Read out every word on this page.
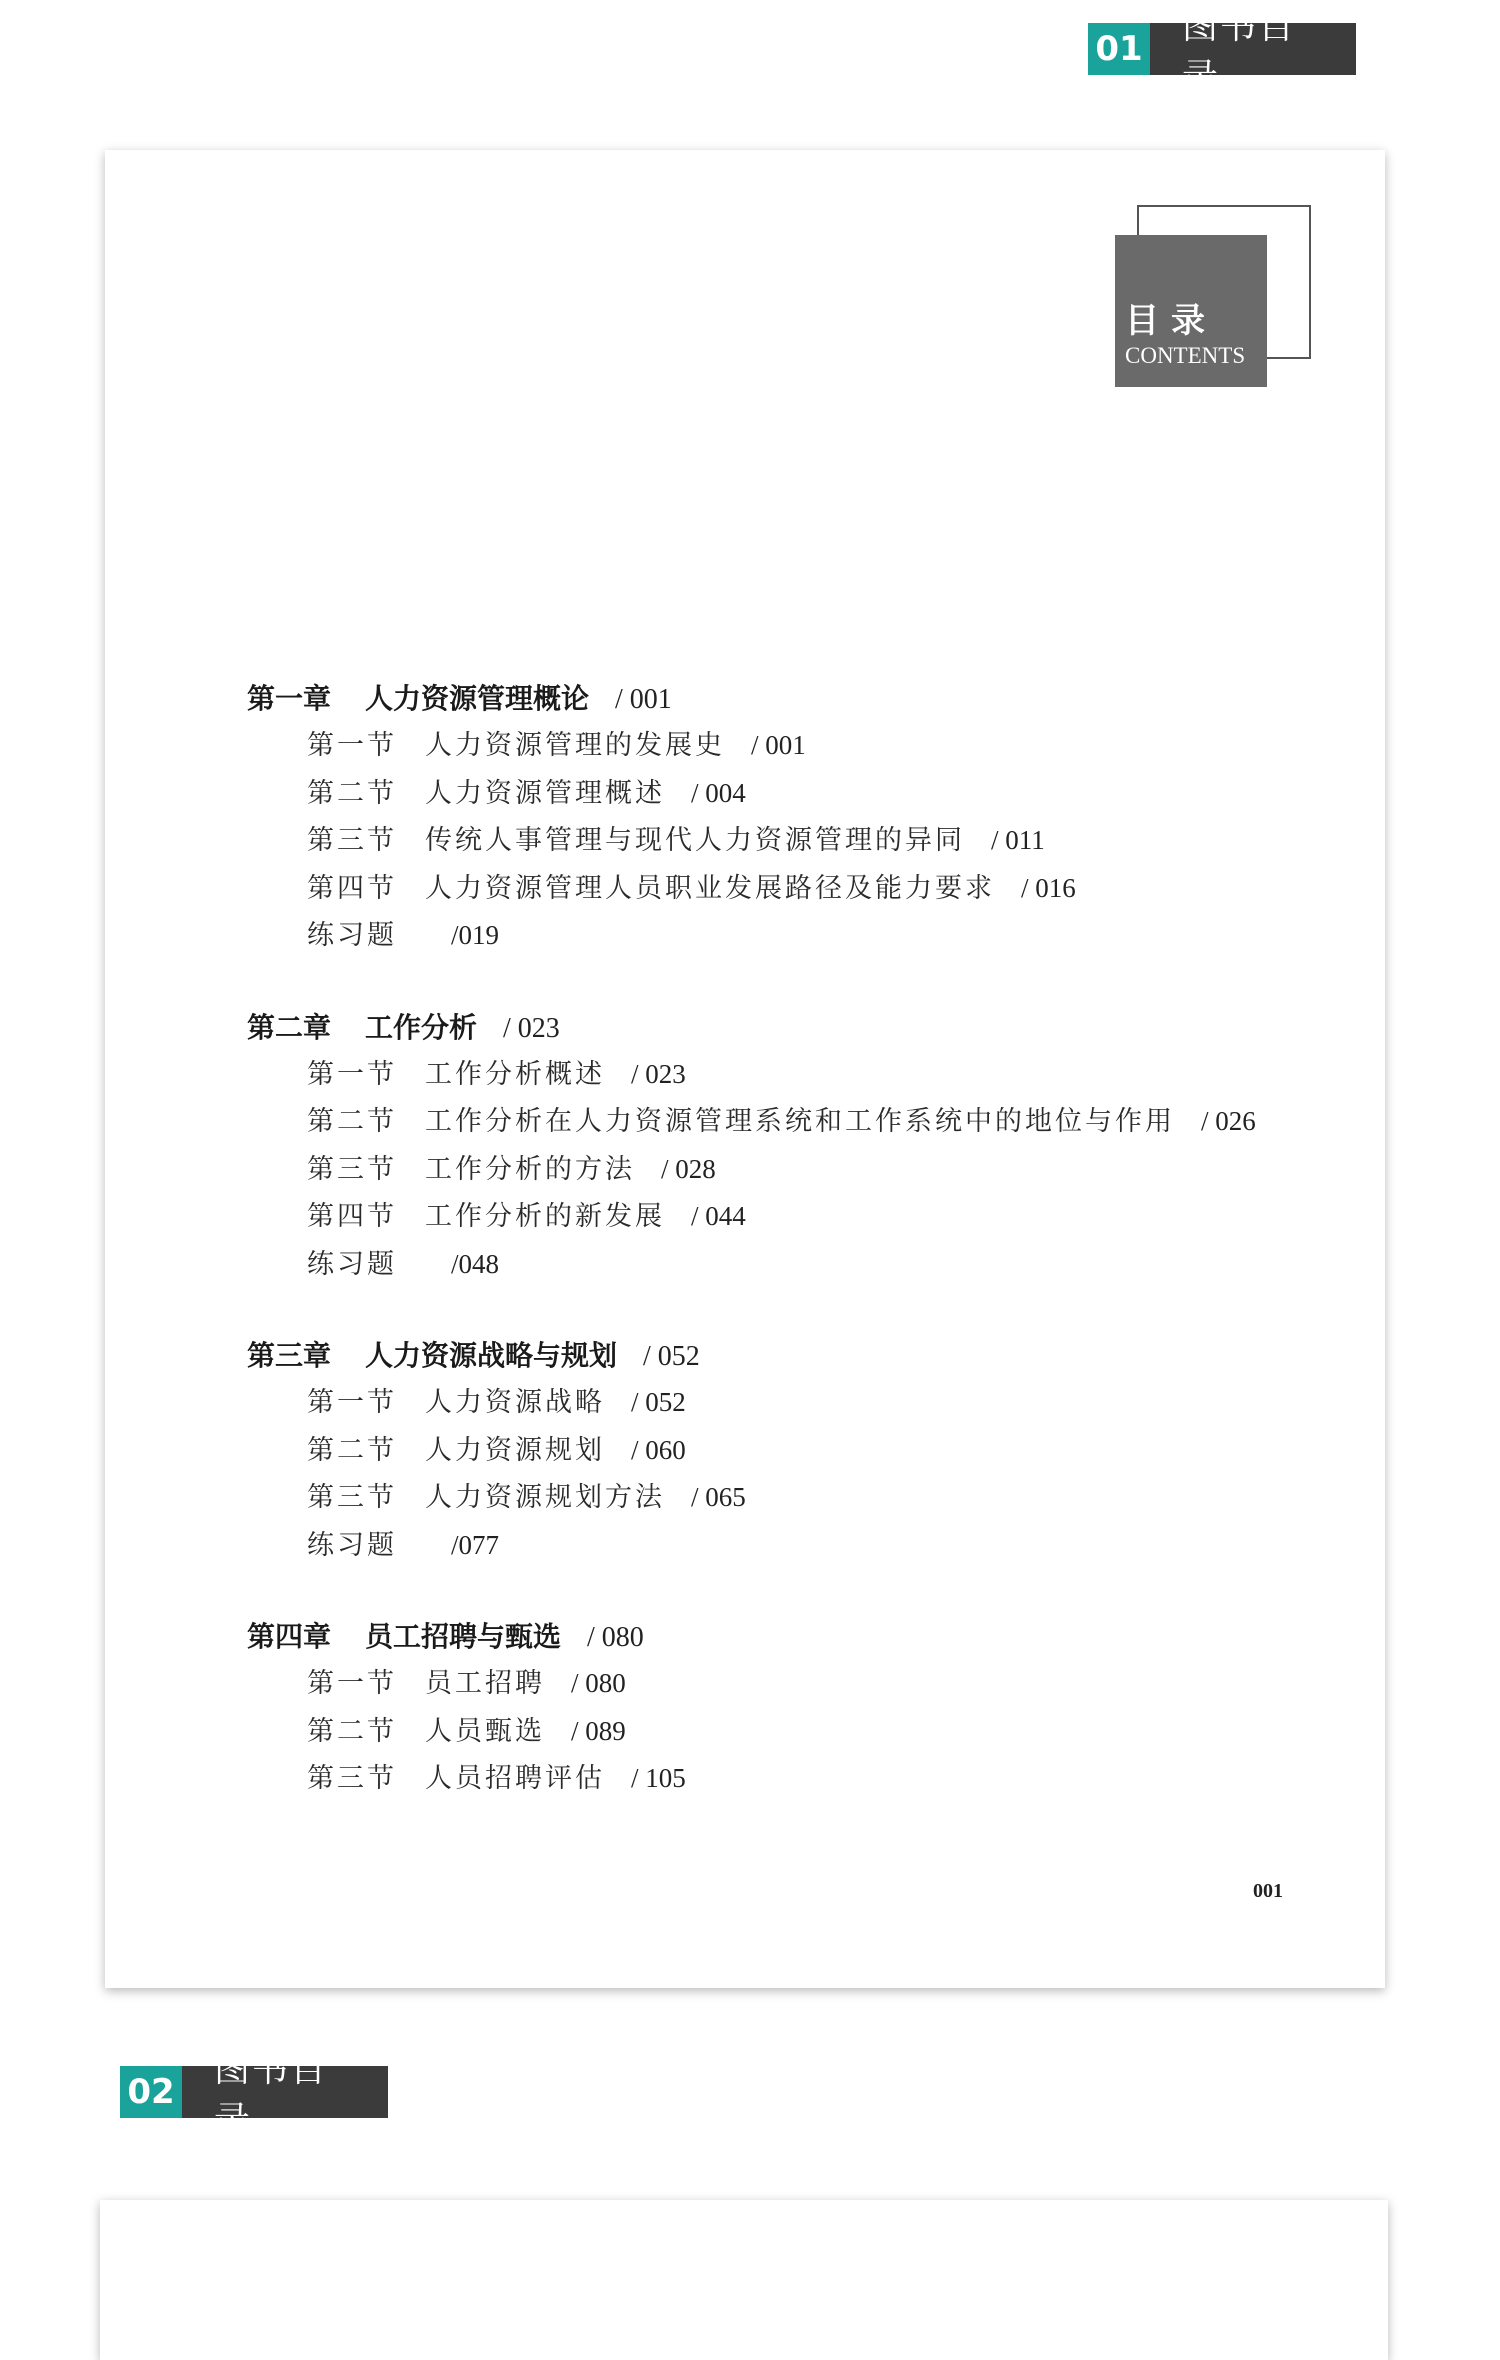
01
图书目录
目录
CONTENTS
第一章 人力资源管理概论 / 001
第一节 人力资源管理的发展史 / 001
第二节 人力资源管理概述 / 004
第三节 传统人事管理与现代人力资源管理的异同 / 011
第四节 人力资源管理人员职业发展路径及能力要求 / 016
练习题 /019
第二章 工作分析 / 023
第一节 工作分析概述 / 023
第二节 工作分析在人力资源管理系统和工作系统中的地位与作用 / 026
第三节 工作分析的方法 / 028
第四节 工作分析的新发展 / 044
练习题 /048
第三章 人力资源战略与规划 / 052
第一节 人力资源战略 / 052
第二节 人力资源规划 / 060
第三节 人力资源规划方法 / 065
练习题 /077
第四章 员工招聘与甄选 / 080
第一节 员工招聘 / 080
第二节 人员甄选 / 089
第三节 人员招聘评估 / 105
001
02
图书目录
